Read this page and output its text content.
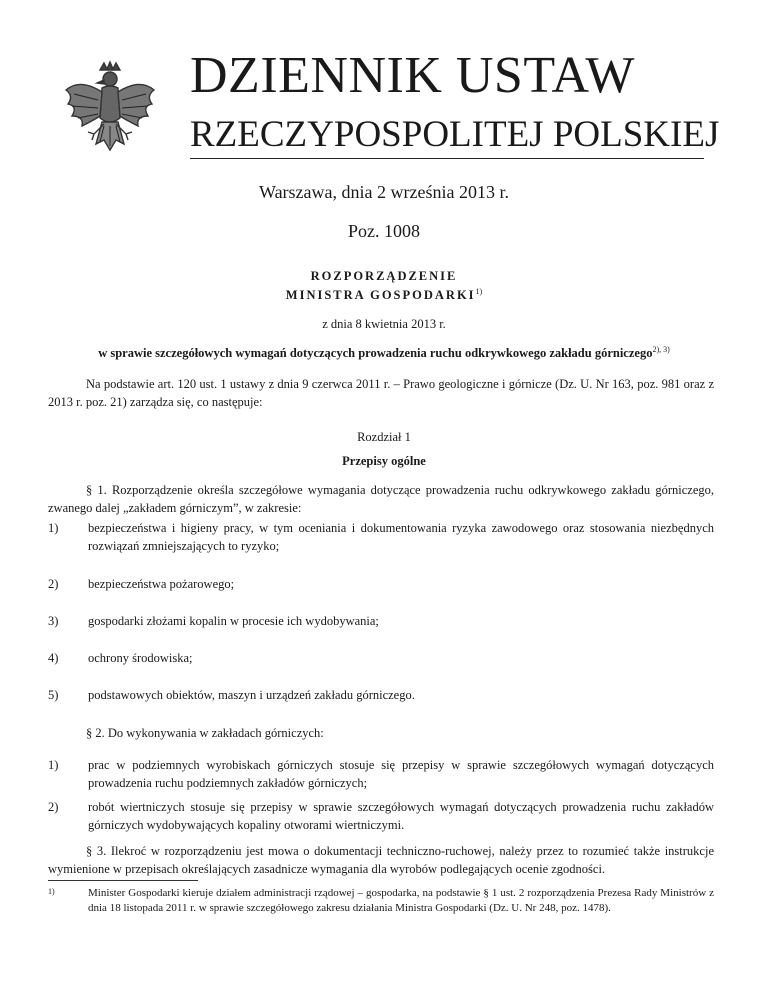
DZIENNIK USTAW
RZECZYPOSPOLITEJ POLSKIEJ
Warszawa, dnia 2 września 2013 r.
Poz. 1008
ROZPORZĄDZENIE
MINISTRA GOSPODARKI$^{1)}$
z dnia 8 kwietnia 2013 r.
w sprawie szczegółowych wymagań dotyczących prowadzenia ruchu odkrywkowego zakładu górniczego$^{2), 3)}$
Na podstawie art. 120 ust. 1 ustawy z dnia 9 czerwca 2011 r. – Prawo geologiczne i górnicze (Dz. U. Nr 163, poz. 981 oraz z 2013 r. poz. 21) zarządza się, co następuje:
Rozdział 1
Przepisy ogólne
§ 1. Rozporządzenie określa szczegółowe wymagania dotyczące prowadzenia ruchu odkrywkowego zakładu górniczego, zwanego dalej „zakładem górniczym”, w zakresie:
1) bezpieczeństwa i higieny pracy, w tym oceniania i dokumentowania ryzyka zawodowego oraz stosowania niezbędnych rozwiązań zmniejszających to ryzyko;
2) bezpieczeństwa pożarowego;
3) gospodarki złożami kopalin w procesie ich wydobywania;
4) ochrony środowiska;
5) podstawowych obiektów, maszyn i urządzeń zakładu górniczego.
§ 2. Do wykonywania w zakładach górniczych:
1) prac w podziemnych wyrobiskach górniczych stosuje się przepisy w sprawie szczegółowych wymagań dotyczących prowadzenia ruchu podziemnych zakładów górniczych;
2) robót wiertniczych stosuje się przepisy w sprawie szczegółowych wymagań dotyczących prowadzenia ruchu zakładów górniczych wydobywających kopaliny otworami wiertniczymi.
§ 3. Ilekroć w rozporządzeniu jest mowa o dokumentacji techniczno-ruchowej, należy przez to rozumieć także instrukcje wymienione w przepisach określających zasadnicze wymagania dla wyrobów podlegających ocenie zgodności.
1)	Minister Gospodarki kieruje działem administracji rządowej – gospodarka, na podstawie § 1 ust. 2 rozporządzenia Prezesa Rady Ministrów z dnia 18 listopada 2011 r. w sprawie szczegółowego zakresu działania Ministra Gospodarki (Dz. U. Nr 248, poz. 1478).
